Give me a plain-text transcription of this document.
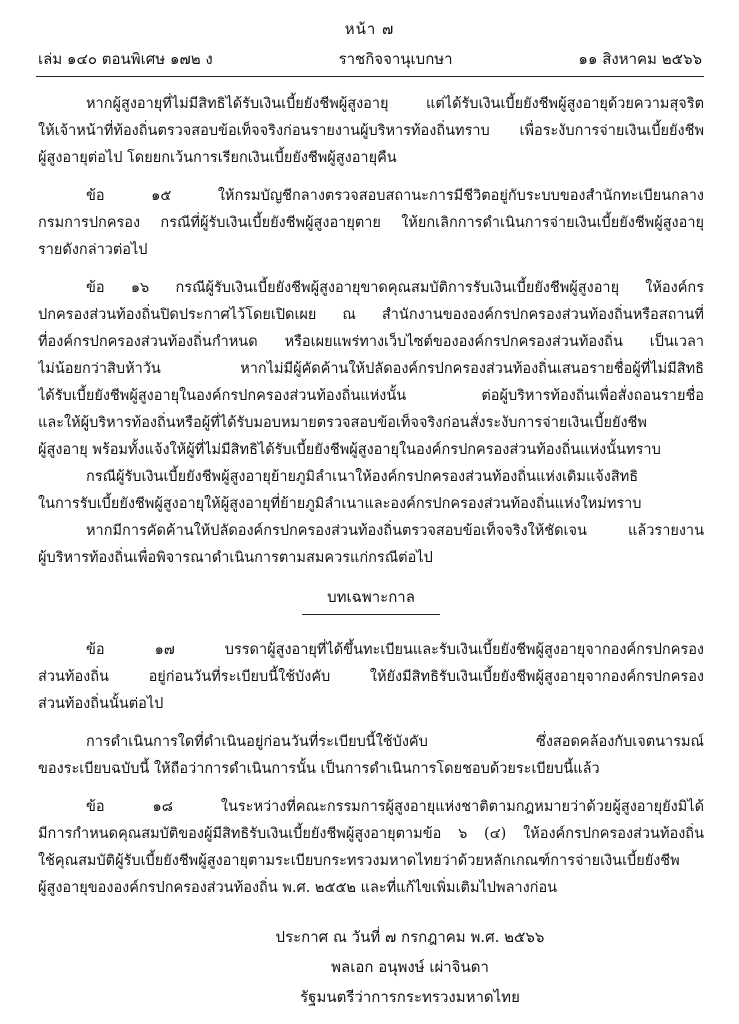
หน้า ๗
เล่ม ๑๔๐ ตอนพิเศษ ๑๗๒ ง	ราชกิจจานุเบกษา	๑๑ สิงหาคม ๒๕๖๖
หากผู้สูงอายุที่ไม่มีสิทธิได้รับเงินเบี้ยยังชีพผู้สูงอายุ แต่ได้รับเงินเบี้ยยังชีพผู้สูงอายุด้วยความสุจริต
ให้เจ้าหน้าที่ท้องถิ่นตรวจสอบข้อเท็จจริงก่อนรายงานผู้บริหารท้องถิ่นทราบ เพื่อระงับการจ่ายเงินเบี้ยยังชีพ
ผู้สูงอายุต่อไป โดยยกเว้นการเรียกเงินเบี้ยยังชีพผู้สูงอายุคืน
ข้อ ๑๕ ให้กรมบัญชีกลางตรวจสอบสถานะการมีชีวิตอยู่กับระบบของสำนักทะเบียนกลาง
กรมการปกครอง กรณีที่ผู้รับเงินเบี้ยยังชีพผู้สูงอายุตาย ให้ยกเลิกการดำเนินการจ่ายเงินเบี้ยยังชีพผู้สูงอายุ
รายดังกล่าวต่อไป
ข้อ ๑๖ กรณีผู้รับเงินเบี้ยยังชีพผู้สูงอายุขาดคุณสมบัติการรับเงินเบี้ยยังชีพผู้สูงอายุ ให้องค์กร
ปกครองส่วนท้องถิ่นปิดประกาศไว้โดยเปิดเผย ณ สำนักงานขององค์กรปกครองส่วนท้องถิ่นหรือสถานที่
ที่องค์กรปกครองส่วนท้องถิ่นกำหนด หรือเผยแพร่ทางเว็บไซต์ขององค์กรปกครองส่วนท้องถิ่น เป็นเวลา
ไม่น้อยกว่าสิบห้าวัน หากไม่มีผู้คัดค้านให้ปลัดองค์กรปกครองส่วนท้องถิ่นเสนอรายชื่อผู้ที่ไม่มีสิทธิ
ได้รับเบี้ยยังชีพผู้สูงอายุในองค์กรปกครองส่วนท้องถิ่นแห่งนั้น ต่อผู้บริหารท้องถิ่นเพื่อสั่งถอนรายชื่อ
และให้ผู้บริหารท้องถิ่นหรือผู้ที่ได้รับมอบหมายตรวจสอบข้อเท็จจริงก่อนสั่งระงับการจ่ายเงินเบี้ยยังชีพ
ผู้สูงอายุ พร้อมทั้งแจ้งให้ผู้ที่ไม่มีสิทธิได้รับเบี้ยยังชีพผู้สูงอายุในองค์กรปกครองส่วนท้องถิ่นแห่งนั้นทราบ
กรณีผู้รับเงินเบี้ยยังชีพผู้สูงอายุย้ายภูมิลำเนาให้องค์กรปกครองส่วนท้องถิ่นแห่งเดิมแจ้งสิทธิ
ในการรับเบี้ยยังชีพผู้สูงอายุให้ผู้สูงอายุที่ย้ายภูมิลำเนาและองค์กรปกครองส่วนท้องถิ่นแห่งใหม่ทราบ
หากมีการคัดค้านให้ปลัดองค์กรปกครองส่วนท้องถิ่นตรวจสอบข้อเท็จจริงให้ชัดเจน แล้วรายงาน
ผู้บริหารท้องถิ่นเพื่อพิจารณาดำเนินการตามสมควรแก่กรณีต่อไป
บทเฉพาะกาล
ข้อ ๑๗ บรรดาผู้สูงอายุที่ได้ขึ้นทะเบียนและรับเงินเบี้ยยังชีพผู้สูงอายุจากองค์กรปกครอง
ส่วนท้องถิ่น อยู่ก่อนวันที่ระเบียบนี้ใช้บังคับ ให้ยังมีสิทธิรับเงินเบี้ยยังชีพผู้สูงอายุจากองค์กรปกครอง
ส่วนท้องถิ่นนั้นต่อไป
การดำเนินการใดที่ดำเนินอยู่ก่อนวันที่ระเบียบนี้ใช้บังคับ ซึ่งสอดคล้องกับเจตนารมณ์
ของระเบียบฉบับนี้ ให้ถือว่าการดำเนินการนั้น เป็นการดำเนินการโดยชอบด้วยระเบียบนี้แล้ว
ข้อ ๑๘ ในระหว่างที่คณะกรรมการผู้สูงอายุแห่งชาติตามกฎหมายว่าด้วยผู้สูงอายุยังมิได้
มีการกำหนดคุณสมบัติของผู้มีสิทธิรับเงินเบี้ยยังชีพผู้สูงอายุตามข้อ ๖ (๔) ให้องค์กรปกครองส่วนท้องถิ่น
ใช้คุณสมบัติผู้รับเบี้ยยังชีพผู้สูงอายุตามระเบียบกระทรวงมหาดไทยว่าด้วยหลักเกณฑ์การจ่ายเงินเบี้ยยังชีพ
ผู้สูงอายุขององค์กรปกครองส่วนท้องถิ่น พ.ศ. ๒๕๕๒ และที่แก้ไขเพิ่มเติมไปพลางก่อน
ประกาศ ณ วันที่ ๗ กรกฎาคม พ.ศ. ๒๕๖๖
พลเอก อนุพงษ์ เผ่าจินดา
รัฐมนตรีว่าการกระทรวงมหาดไทย
